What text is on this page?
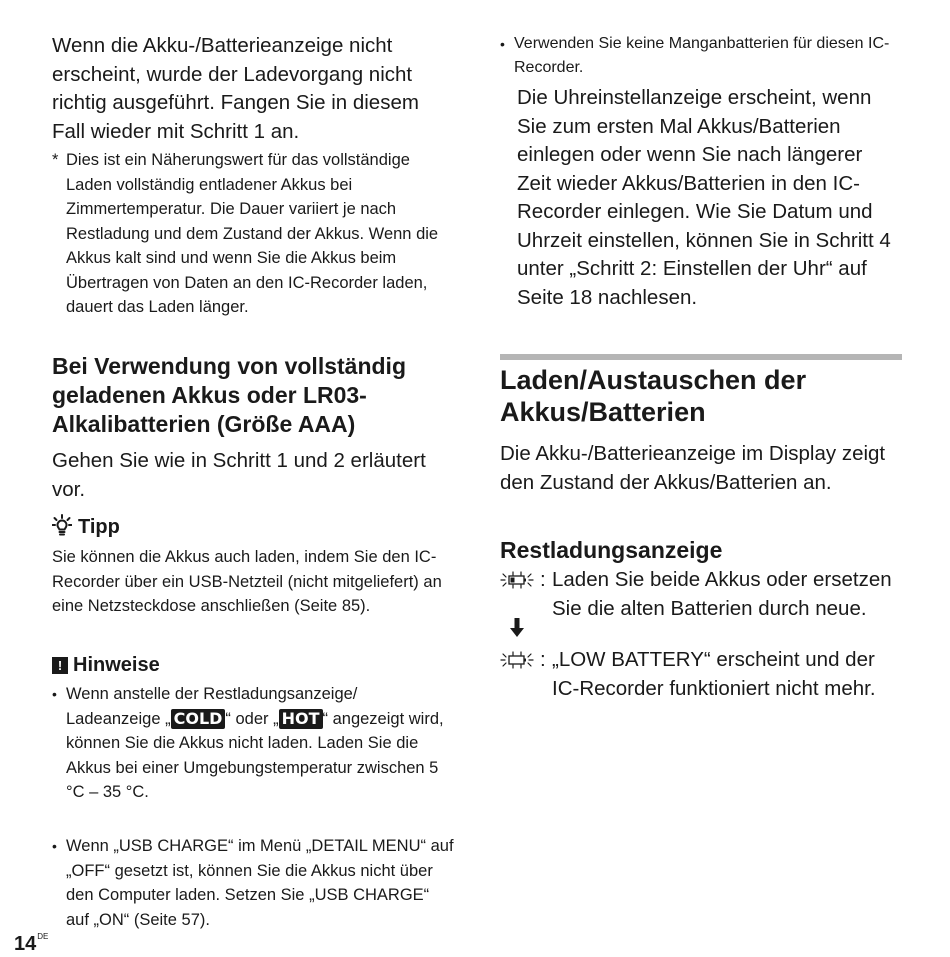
Wenn die Akku-/Batterieanzeige nicht erscheint, wurde der Ladevorgang nicht richtig ausgeführt. Fangen Sie in diesem Fall wieder mit Schritt 1 an.

* Dies ist ein Näherungswert für das vollständige Laden vollständig entladener Akkus bei Zimmertemperatur. Die Dauer variiert je nach Restladung und dem Zustand der Akkus. Wenn die Akkus kalt sind und wenn Sie die Akkus beim Übertragen von Daten an den IC-Recorder laden, dauert das Laden länger.

Bei Verwendung von vollständig geladenen Akkus oder LR03-Alkalibatterien (Größe AAA)

Gehen Sie wie in Schritt 1 und 2 erläutert vor.

Tipp

Sie können die Akkus auch laden, indem Sie den IC-Recorder über ein USB-Netzteil (nicht mitgeliefert) an eine Netzsteckdose anschließen (Seite 85).

! Hinweise
• Wenn anstelle der Restladungsanzeige/ Ladeanzeige „ COLD “ oder „ HOT “ angezeigt wird, können Sie die Akkus nicht laden. Laden Sie die Akkus bei einer Umgebungstemperatur zwischen 5 °C – 35 °C.

• Wenn „USB CHARGE“ im Menü „DETAIL MENU“ auf „OFF“ gesetzt ist, können Sie die Akkus nicht über den Computer laden. Setzen Sie „USB CHARGE“ auf „ON“ (Seite 57).

14DE
• Verwenden Sie keine Manganbatterien für diesen IC-Recorder.

Die Uhreinstellanzeige erscheint, wenn Sie zum ersten Mal Akkus/Batterien einlegen oder wenn Sie nach längerer Zeit wieder Akkus/Batterien in den IC-Recorder einlegen. Wie Sie Datum und Uhrzeit einstellen, können Sie in Schritt 4 unter „Schritt 2: Einstellen der Uhr“ auf Seite 18 nachlesen.

Laden/Austauschen der Akkus/Batterien

Die Akku-/Batterieanzeige im Display zeigt den Zustand der Akkus/Batterien an.

Restladungsanzeige
: Laden Sie beide Akkus oder ersetzen Sie die alten Batterien durch neue.

: „LOW BATTERY“ erscheint und der IC-Recorder funktioniert nicht mehr.
